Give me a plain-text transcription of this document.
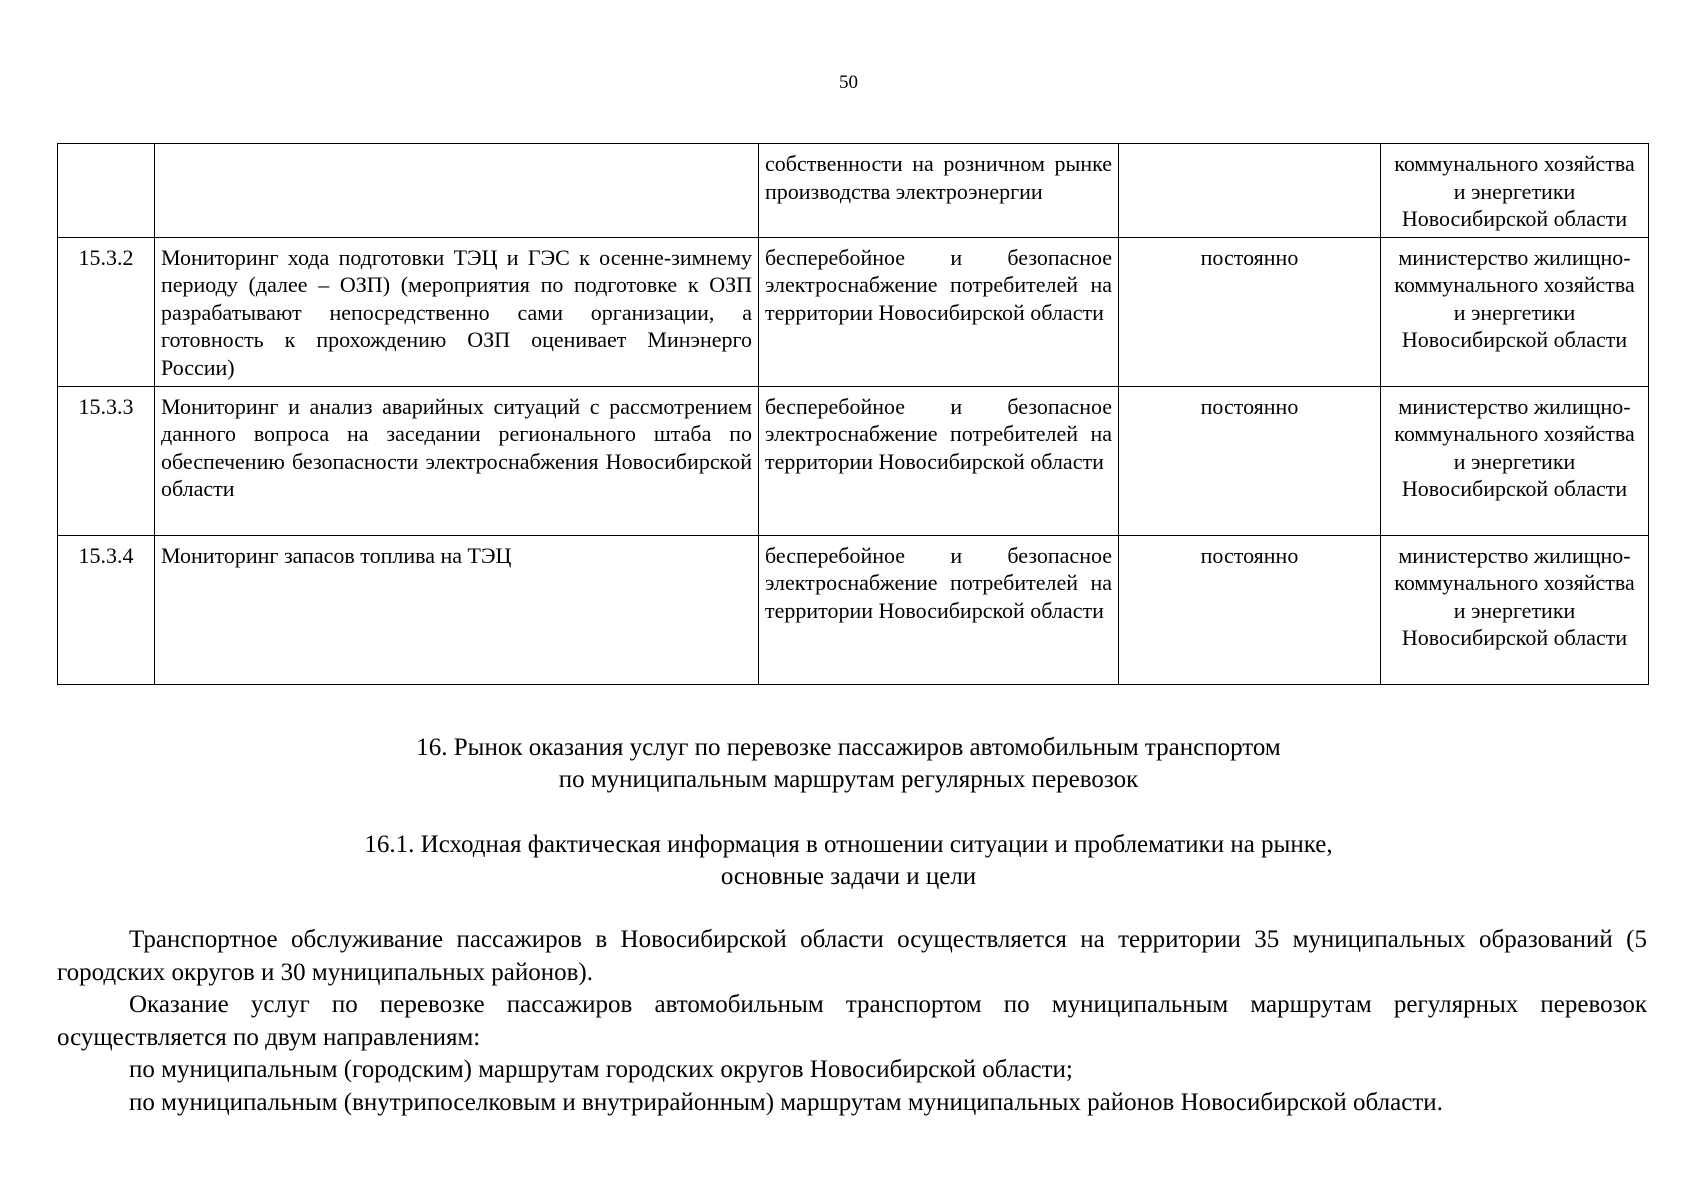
50
		собственности на розничном рынке производства электроэнергии		коммунального хозяйства и энергетики Новосибирской области
15.3.2	Мониторинг хода подготовки ТЭЦ и ГЭС к осенне-зимнему периоду (далее – ОЗП) (мероприятия по подготовке к ОЗП разрабатывают непосредственно сами организации, а готовность к прохождению ОЗП оценивает Минэнерго России)	бесперебойное и безопасное электроснабжение потребителей на территории Новосибирской области	постоянно	министерство жилищно-коммунального хозяйства и энергетики Новосибирской области
15.3.3	Мониторинг и анализ аварийных ситуаций с рассмотрением данного вопроса на заседании регионального штаба по обеспечению безопасности электроснабжения Новосибирской области	бесперебойное и безопасное электроснабжение потребителей на территории Новосибирской области	постоянно	министерство жилищно-коммунального хозяйства и энергетики Новосибирской области
15.3.4	Мониторинг запасов топлива на ТЭЦ	бесперебойное и безопасное электроснабжение потребителей на территории Новосибирской области	постоянно	министерство жилищно-коммунального хозяйства и энергетики Новосибирской области
16. Рынок оказания услуг по перевозке пассажиров автомобильным транспортом
по муниципальным маршрутам регулярных перевозок
16.1. Исходная фактическая информация в отношении ситуации и проблематики на рынке,
основные задачи и цели

Транспортное обслуживание пассажиров в Новосибирской области осуществляется на территории 35 муниципальных образований (5 городских округов и 30 муниципальных районов).

Оказание услуг по перевозке пассажиров автомобильным транспортом по муниципальным маршрутам регулярных перевозок осуществляется по двум направлениям:

по муниципальным (городским) маршрутам городских округов Новосибирской области;

по муниципальным (внутрипоселковым и внутрирайонным) маршрутам муниципальных районов Новосибирской области.
